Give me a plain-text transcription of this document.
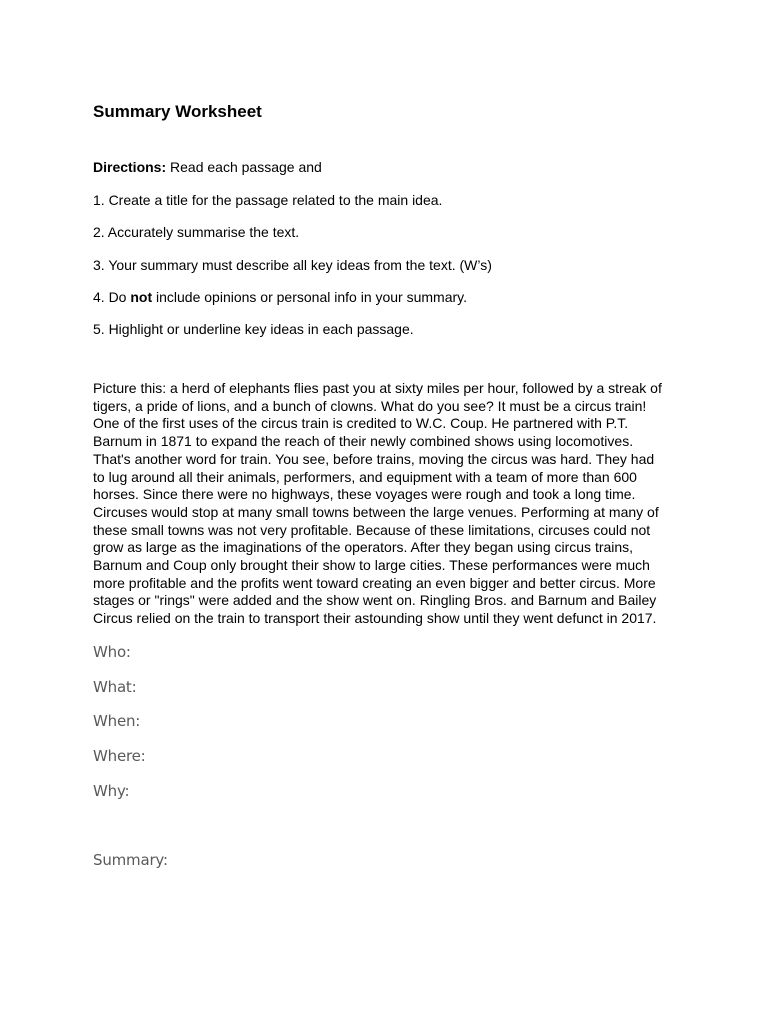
Summary Worksheet
Directions: Read each passage and
1. Create a title for the passage related to the main idea.
2. Accurately summarise the text.
3. Your summary must describe all key ideas from the text. (W’s)
4. Do not include opinions or personal info in your summary.
5. Highlight or underline key ideas in each passage.
Picture this: a herd of elephants flies past you at sixty miles per hour, followed by a streak of
tigers, a pride of lions, and a bunch of clowns. What do you see? It must be a circus train!
One of the first uses of the circus train is credited to W.C. Coup. He partnered with P.T.
Barnum in 1871 to expand the reach of their newly combined shows using locomotives.
That's another word for train. You see, before trains, moving the circus was hard. They had
to lug around all their animals, performers, and equipment with a team of more than 600
horses. Since there were no highways, these voyages were rough and took a long time.
Circuses would stop at many small towns between the large venues. Performing at many of
these small towns was not very profitable. Because of these limitations, circuses could not
grow as large as the imaginations of the operators. After they began using circus trains,
Barnum and Coup only brought their show to large cities. These performances were much
more profitable and the profits went toward creating an even bigger and better circus. More
stages or "rings" were added and the show went on. Ringling Bros. and Barnum and Bailey
Circus relied on the train to transport their astounding show until they went defunct in 2017.
Who:
What:
When:
Where:
Why:
Summary:
